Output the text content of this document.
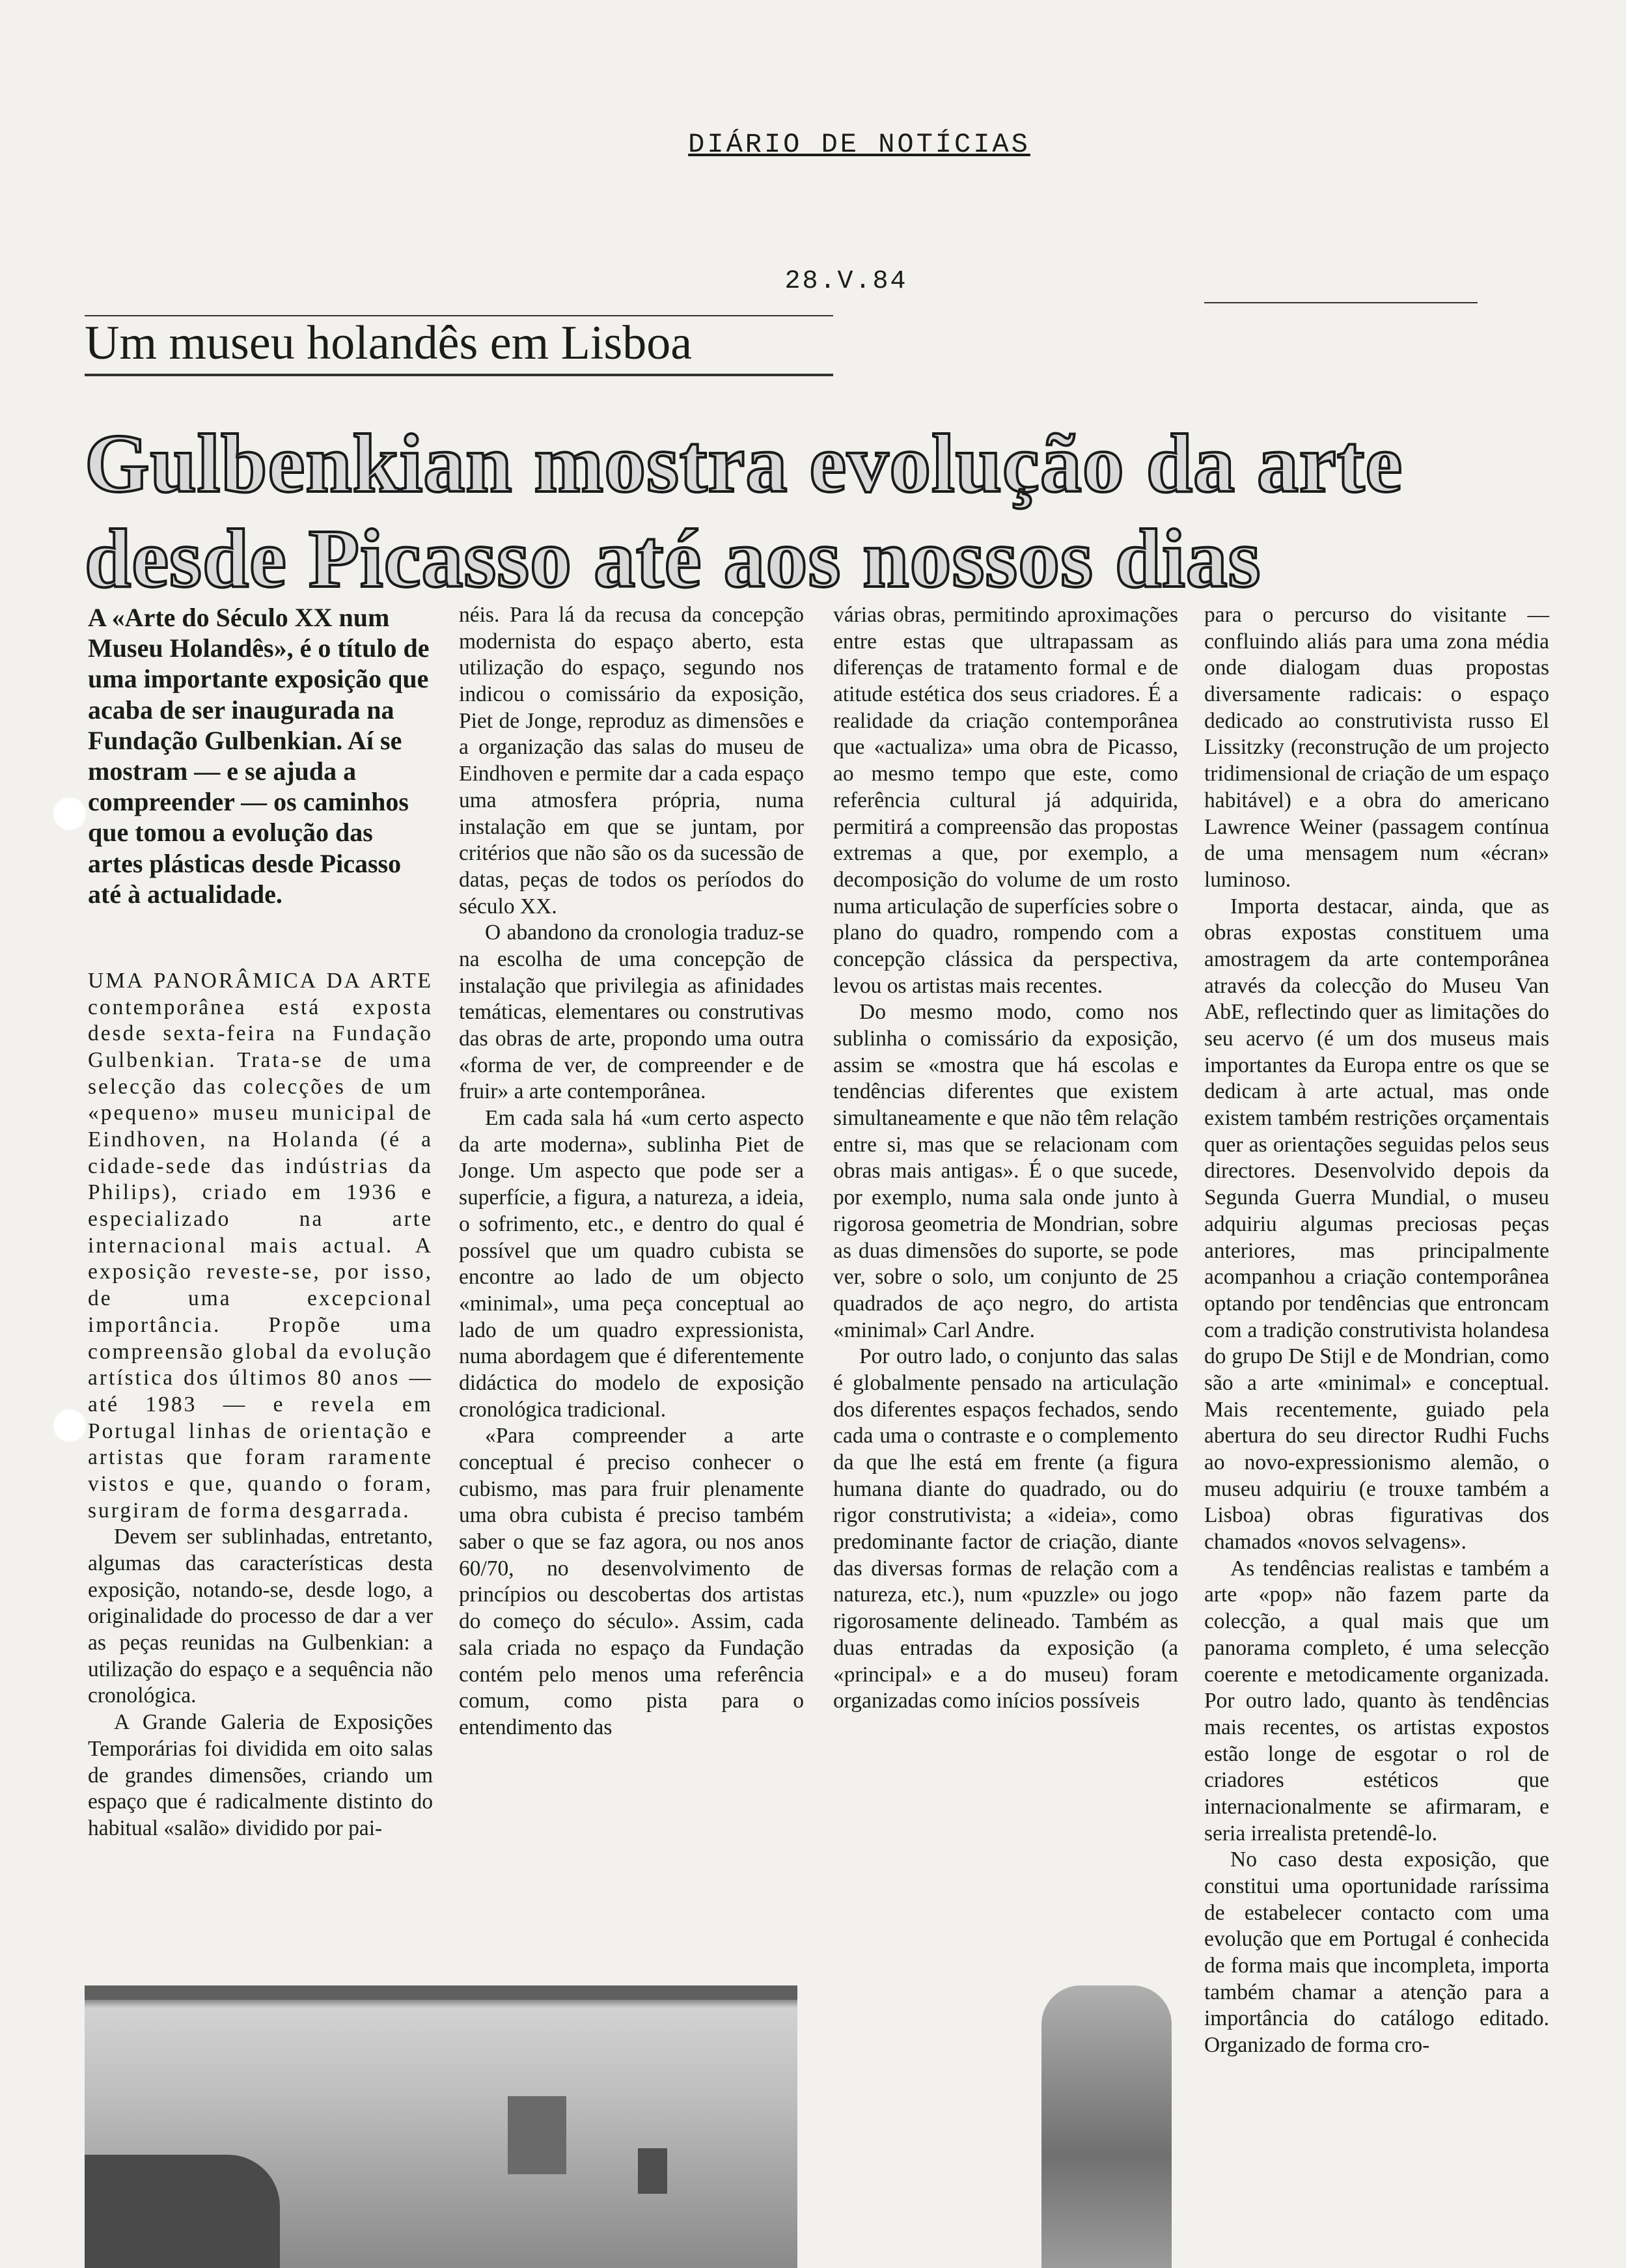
DIÁRIO DE NOTÍCIAS
28.V.84
Um museu holandês em Lisboa
Gulbenkian mostra evolução da arte desde Picasso até aos nossos dias
A «Arte do Século XX num Museu Holandês», é o título de uma importante exposição que acaba de ser inaugurada na Fundação Gulbenkian. Aí se mostram — e se ajuda a compreender — os caminhos que tomou a evolução das artes plásticas desde Picasso até à actualidade.

UMA PANORÂMICA DA ARTE contemporânea está exposta desde sexta-feira na Fundação Gulbenkian. Trata-se de uma selecção das colecções de um «pequeno» museu municipal de Eindhoven, na Holanda (é a cidade-sede das indústrias da Philips), criado em 1936 e especializado na arte internacional mais actual. A exposição reveste-se, por isso, de uma excepcional importância. Propõe uma compreensão global da evolução artística dos últimos 80 anos — até 1983 — e revela em Portugal linhas de orientação e artistas que foram raramente vistos e que, quando o foram, surgiram de forma desgarrada.

Devem ser sublinhadas, entretanto, algumas das características desta exposição, notando-se, desde logo, a originalidade do processo de dar a ver as peças reunidas na Gulbenkian: a utilização do espaço e a sequência não cronológica.

A Grande Galeria de Exposições Temporárias foi dividida em oito salas de grandes dimensões, criando um espaço que é radicalmente distinto do habitual «salão» dividido por pai-

néis. Para lá da recusa da concepção modernista do espaço aberto, esta utilização do espaço, segundo nos indicou o comissário da exposição, Piet de Jonge, reproduz as dimensões e a organização das salas do museu de Eindhoven e permite dar a cada espaço uma atmosfera própria, numa instalação em que se juntam, por critérios que não são os da sucessão de datas, peças de todos os períodos do século XX.

O abandono da cronologia traduz-se na escolha de uma concepção de instalação que privilegia as afinidades temáticas, elementares ou construtivas das obras de arte, propondo uma outra «forma de ver, de compreender e de fruir» a arte contemporânea.

Em cada sala há «um certo aspecto da arte moderna», sublinha Piet de Jonge. Um aspecto que pode ser a superfície, a figura, a natureza, a ideia, o sofrimento, etc., e dentro do qual é possível que um quadro cubista se encontre ao lado de um objecto «minimal», uma peça conceptual ao lado de um quadro expressionista, numa abordagem que é diferentemente didáctica do modelo de exposição cronológica tradicional.

«Para compreender a arte conceptual é preciso conhecer o cubismo, mas para fruir plenamente uma obra cubista é preciso também saber o que se faz agora, ou nos anos 60/70, no desenvolvimento de princípios ou descobertas dos artistas do começo do século». Assim, cada sala criada no espaço da Fundação contém pelo menos uma referência comum, como pista para o entendimento das

várias obras, permitindo aproximações entre estas que ultrapassam as diferenças de tratamento formal e de atitude estética dos seus criadores. É a realidade da criação contemporânea que «actualiza» uma obra de Picasso, ao mesmo tempo que este, como referência cultural já adquirida, permitirá a compreensão das propostas extremas a que, por exemplo, a decomposição do volume de um rosto numa articulação de superfícies sobre o plano do quadro, rompendo com a concepção clássica da perspectiva, levou os artistas mais recentes.

Do mesmo modo, como nos sublinha o comissário da exposição, assim se «mostra que há escolas e tendências diferentes que existem simultaneamente e que não têm relação entre si, mas que se relacionam com obras mais antigas». É o que sucede, por exemplo, numa sala onde junto à rigorosa geometria de Mondrian, sobre as duas dimensões do suporte, se pode ver, sobre o solo, um conjunto de 25 quadrados de aço negro, do artista «minimal» Carl Andre.

Por outro lado, o conjunto das salas é globalmente pensado na articulação dos diferentes espaços fechados, sendo cada uma o contraste e o complemento da que lhe está em frente (a figura humana diante do quadrado, ou do rigor construtivista; a «ideia», como predominante factor de criação, diante das diversas formas de relação com a natureza, etc.), num «puzzle» ou jogo rigorosamente delineado. Também as duas entradas da exposição (a «principal» e a do museu) foram organizadas como inícios possíveis

para o percurso do visitante — confluindo aliás para uma zona média onde dialogam duas propostas diversamente radicais: o espaço dedicado ao construtivista russo El Lissitzky (reconstrução de um projecto tridimensional de criação de um espaço habitável) e a obra do americano Lawrence Weiner (passagem contínua de uma mensagem num «écran» luminoso.

Importa destacar, ainda, que as obras expostas constituem uma amostragem da arte contemporânea através da colecção do Museu Van AbE, reflectindo quer as limitações do seu acervo (é um dos museus mais importantes da Europa entre os que se dedicam à arte actual, mas onde existem também restrições orçamentais quer as orientações seguidas pelos seus directores. Desenvolvido depois da Segunda Guerra Mundial, o museu adquiriu algumas preciosas peças anteriores, mas principalmente acompanhou a criação contemporânea optando por tendências que entroncam com a tradição construtivista holandesa do grupo De Stijl e de Mondrian, como são a arte «minimal» e conceptual. Mais recentemente, guiado pela abertura do seu director Rudhi Fuchs ao novo-expressionismo alemão, o museu adquiriu (e trouxe também a Lisboa) obras figurativas dos chamados «novos selvagens».

As tendências realistas e também a arte «pop» não fazem parte da colecção, a qual mais que um panorama completo, é uma selecção coerente e metodicamente organizada. Por outro lado, quanto às tendências mais recentes, os artistas expostos estão longe de esgotar o rol de criadores estéticos que internacionalmente se afirmaram, e seria irrealista pretendê-lo.

No caso desta exposição, que constitui uma oportunidade raríssima de estabelecer contacto com uma evolução que em Portugal é conhecida de forma mais que incompleta, importa também chamar a atenção para a importância do catálogo editado. Organizado de forma cro-
